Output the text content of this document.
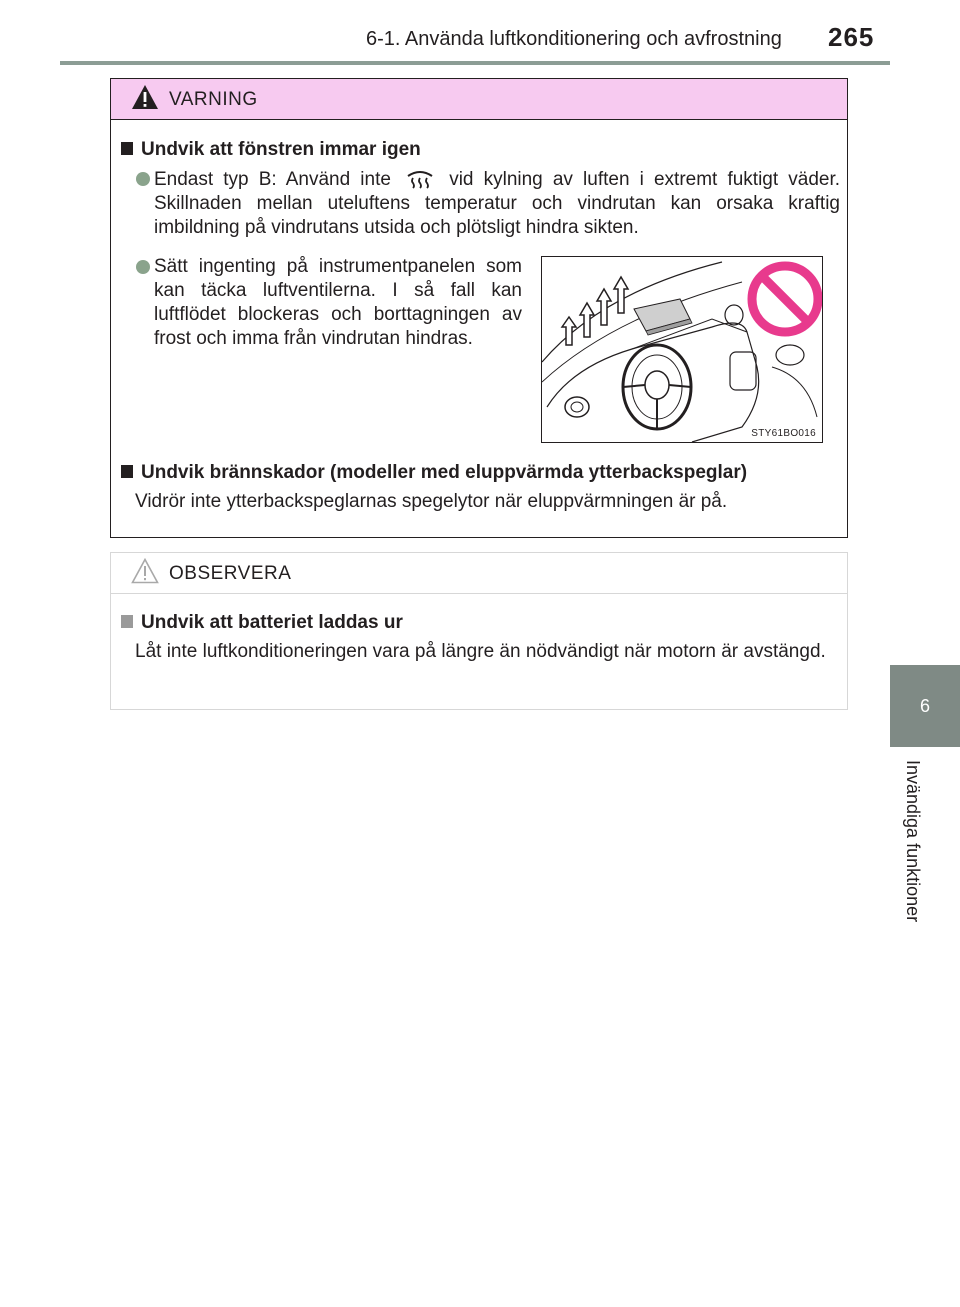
6-1. Använda luftkonditionering och avfrostning 265
6
Invändiga funktioner
VARNING
Undvik att fönstren immar igen
Endast typ B: Använd inte	vid kylning av luften i extremt fuktigt väder. Skillnaden mellan uteluftens temperatur och vindrutan kan orsaka kraftig imbildning på vindrutans utsida och plötsligt hindra sikten.
Sätt ingenting på instrumentpanelen som kan täcka luftventilerna. I så fall kan luftflödet blockeras och borttagningen av frost och imma från vindrutan hindras.
STY61BO016
Undvik brännskador (modeller med eluppvärmda ytterbackspeglar)
Vidrör inte ytterbackspeglarnas spegelytor när eluppvärmningen är på.
OBSERVERA
Undvik att batteriet laddas ur
Låt inte luftkonditioneringen vara på längre än nödvändigt när motorn är avstängd.
